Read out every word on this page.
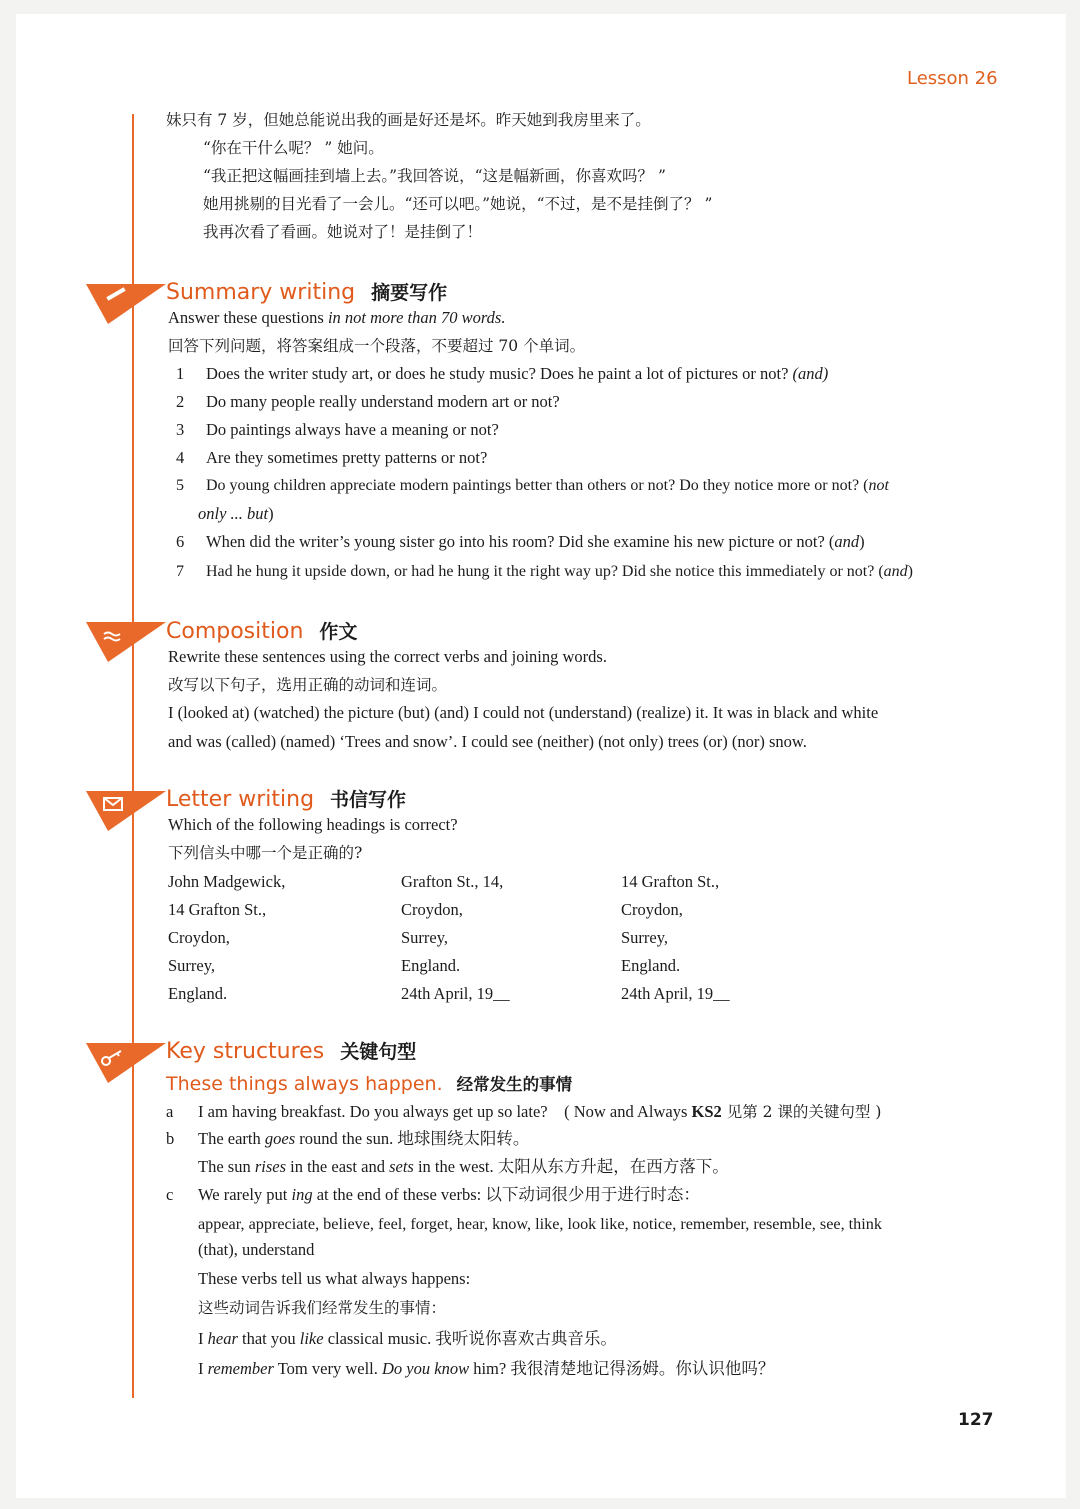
Lesson 26
妹只有 7 岁，但她总能说出我的画是好还是坏。昨天她到我房里来了。
“你在干什么呢？ ” 她问。
“我正把这幅画挂到墙上去。”我回答说，“这是幅新画，你喜欢吗？ ”
她用挑剔的目光看了一会儿。“还可以吧。”她说，“不过，是不是挂倒了？ ”
我再次看了看画。她说对了！是挂倒了！
Summary writing 摘要写作
Answer these questions in not more than 70 words.
回答下列问题，将答案组成一个段落，不要超过 70 个单词。
1 Does the writer study art, or does he study music? Does he paint a lot of pictures or not? (and)
2 Do many people really understand modern art or not?
3 Do paintings always have a meaning or not?
4 Are they sometimes pretty patterns or not?
5 Do young children appreciate modern paintings better than others or not? Do they notice more or not? (not
only ... but)
6 When did the writer’s young sister go into his room? Did she examine his new picture or not? (and)
7 Had he hung it upside down, or had he hung it the right way up? Did she notice this immediately or not? (and)
Composition 作文
Rewrite these sentences using the correct verbs and joining words.
改写以下句子，选用正确的动词和连词。
I (looked at) (watched) the picture (but) (and) I could not (understand) (realize) it. It was in black and white
and was (called) (named) ‘Trees and snow’. I could see (neither) (not only) trees (or) (nor) snow.
Letter writing 书信写作
Which of the following headings is correct?
下列信头中哪一个是正确的?
John Madgewick,
14 Grafton St.,
Croydon,
Surrey,
England.
Grafton St., 14,
Croydon,
Surrey,
England.
24th April, 19__
14 Grafton St.,
Croydon,
Surrey,
England.
24th April, 19__
Key structures 关键句型
These things always happen. 经常发生的事情
a I am having breakfast. Do you always get up so late?　( Now and Always KS2 见第 2 课的关键句型 )
b The earth goes round the sun. 地球围绕太阳转。
The sun rises in the east and sets in the west. 太阳从东方升起，在西方落下。
c We rarely put ing at the end of these verbs: 以下动词很少用于进行时态：
appear, appreciate, believe, feel, forget, hear, know, like, look like, notice, remember, resemble, see, think
(that), understand
These verbs tell us what always happens:
这些动词告诉我们经常发生的事情：
I hear that you like classical music. 我听说你喜欢古典音乐。
I remember Tom very well. Do you know him? 我很清楚地记得汤姆。你认识他吗？
127
